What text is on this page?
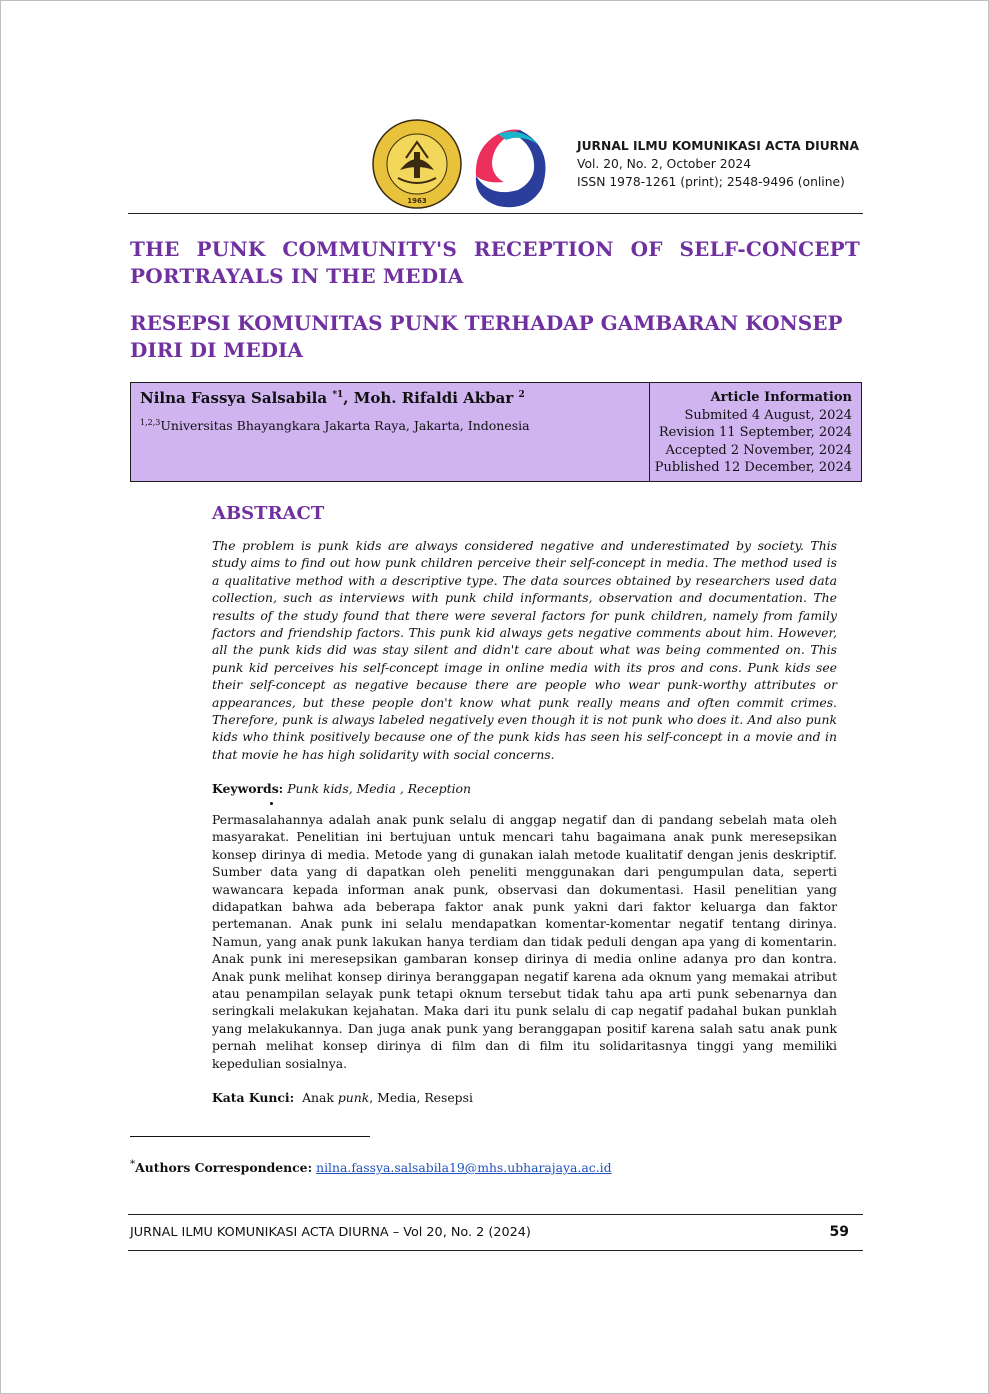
1963
JURNAL ILMU KOMUNIKASI ACTA DIURNA
Vol. 20, No. 2, October 2024
ISSN 1978-1261 (print); 2548-9496 (online)
THE PUNK COMMUNITY'S RECEPTION OF SELF-CONCEPT PORTRAYALS IN THE MEDIA
RESEPSI KOMUNITAS PUNK TERHADAP GAMBARAN KONSEP DIRI DI MEDIA
Nilna Fassya Salsabila $^{*1}$, Moh. Rifaldi Akbar $^2$
$^{1,2,3}$Universitas Bhayangkara Jakarta Raya, Jakarta, Indonesia
Article Information
Submited 4 August, 2024
Revision 11 September, 2024
Accepted 2 November, 2024
Published 12 December, 2024
ABSTRACT
The problem is punk kids are always considered negative and underestimated by society. This study aims to find out how punk children perceive their self-concept in media. The method used is a qualitative method with a descriptive type. The data sources obtained by researchers used data collection, such as interviews with punk child informants, observation and documentation. The results of the study found that there were several factors for punk children, namely from family factors and friendship factors. This punk kid always gets negative comments about him. However, all the punk kids did was stay silent and didn't care about what was being commented on. This punk kid perceives his self-concept image in online media with its pros and cons. Punk kids see their self-concept as negative because there are people who wear punk-worthy attributes or appearances, but these people don't know what punk really means and often commit crimes. Therefore, punk is always labeled negatively even though it is not punk who does it. And also punk kids who think positively because one of the punk kids has seen his self-concept in a movie and in that movie he has high solidarity with social concerns.
Keywords: Punk kids, Media , Reception
Permasalahannya adalah anak punk selalu di anggap negatif dan di pandang sebelah mata oleh masyarakat. Penelitian ini bertujuan untuk mencari tahu bagaimana anak punk meresepsikan konsep dirinya di media. Metode yang di gunakan ialah metode kualitatif dengan jenis deskriptif. Sumber data yang di dapatkan oleh peneliti menggunakan dari pengumpulan data, seperti wawancara kepada informan anak punk, observasi dan dokumentasi. Hasil penelitian yang didapatkan bahwa ada beberapa faktor anak punk yakni dari faktor keluarga dan faktor pertemanan. Anak punk ini selalu mendapatkan komentar-komentar negatif tentang dirinya. Namun, yang anak punk lakukan hanya terdiam dan tidak peduli dengan apa yang di komentarin. Anak punk ini meresepsikan gambaran konsep dirinya di media online adanya pro dan kontra. Anak punk melihat konsep dirinya beranggapan negatif karena ada oknum yang memakai atribut atau penampilan selayak punk tetapi oknum tersebut tidak tahu apa arti punk sebenarnya dan seringkali melakukan kejahatan. Maka dari itu punk selalu di cap negatif padahal bukan punklah yang melakukannya. Dan juga anak punk yang beranggapan positif karena salah satu anak punk pernah melihat konsep dirinya di film dan di film itu solidaritasnya tinggi yang memiliki kepedulian sosialnya.
Kata Kunci: Anak punk, Media, Resepsi
*Authors Correspondence: nilna.fassya.salsabila19@mhs.ubharajaya.ac.id
JURNAL ILMU KOMUNIKASI ACTA DIURNA – Vol 20, No. 2 (2024)	59
